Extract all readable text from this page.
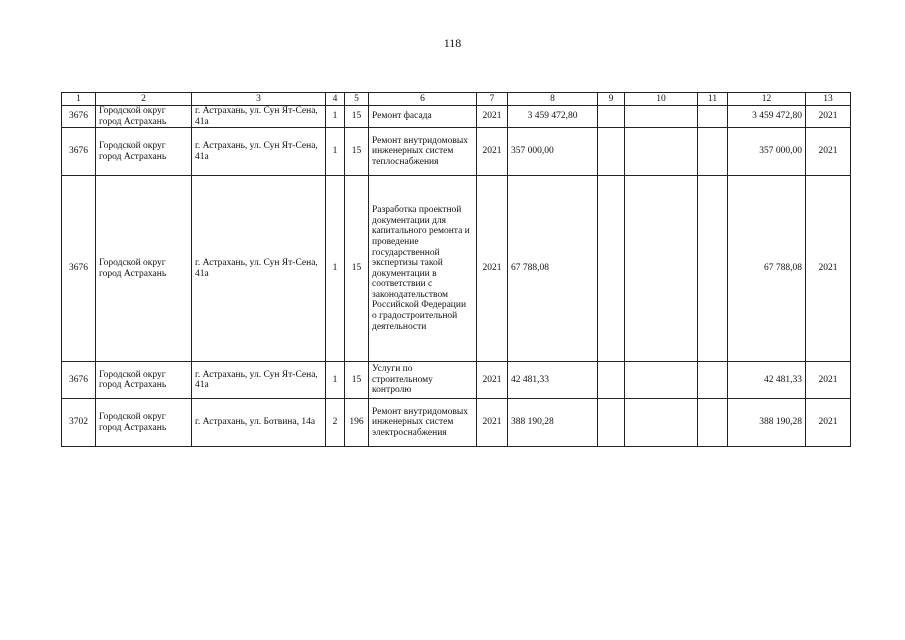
118
1	2	3	4	5	6	7	8	9	10	11	12	13
3676	Городской округ город Астрахань	г. Астрахань, ул. Сун Ят-Сена, 41а	1	15	Ремонт фасада	2021	3 459 472,80				3 459 472,80	2021
3676	Городской округ город Астрахань	г. Астрахань, ул. Сун Ят-Сена, 41а	1	15	Ремонт внутридомовых инженерных систем теплоснабжения	2021	357 000,00				357 000,00	2021
3676	Городской округ город Астрахань	г. Астрахань, ул. Сун Ят-Сена, 41а	1	15	Разработка проектной документации для капитального ремонта и проведение государственной экспертизы такой документации в соответствии с законодательством Российской Федерации о градостроительной деятельности	2021	67 788,08				67 788,08	2021
3676	Городской округ город Астрахань	г. Астрахань, ул. Сун Ят-Сена, 41а	1	15	Услуги по строительному контролю	2021	42 481,33				42 481,33	2021
3702	Городской округ город Астрахань	г. Астрахань, ул. Ботвина, 14а	2	196	Ремонт внутридомовых инженерных систем электроснабжения	2021	388 190,28				388 190,28	2021
